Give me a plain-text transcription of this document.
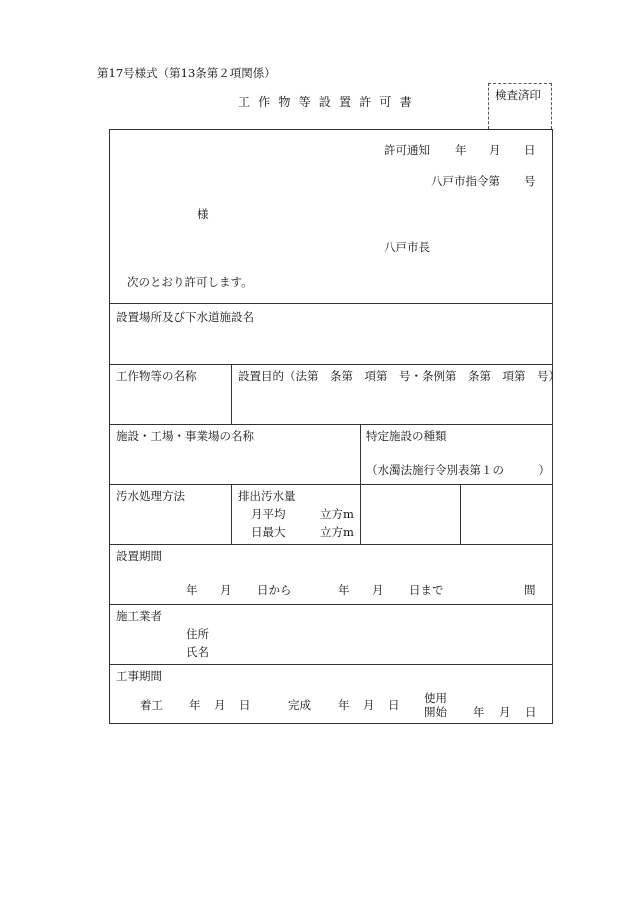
第17号様式（第13条第２項関係）
工作物等設置許可書	検査済印
許可通知 年 月 日
八戸市指令第 号
様
八戸市長
次のとおり許可します。
設置場所及び下水道施設名
工作物等の名称	設置目的（法第　条第　項第　号・条例第　条第　項第　号）
施設・工場・事業場の名称	特定施設の種類
（水濁法施行令別表第１の　　　）
汚水処理方法	排出汚水量
月平均	立方m
日最大	立方m
設置期間
年 月 日から	年 月 日まで	間
施工業者
住所
氏名
工事期間
着工 年 月 日	完成 年 月 日 使用
開始 年 月 日
